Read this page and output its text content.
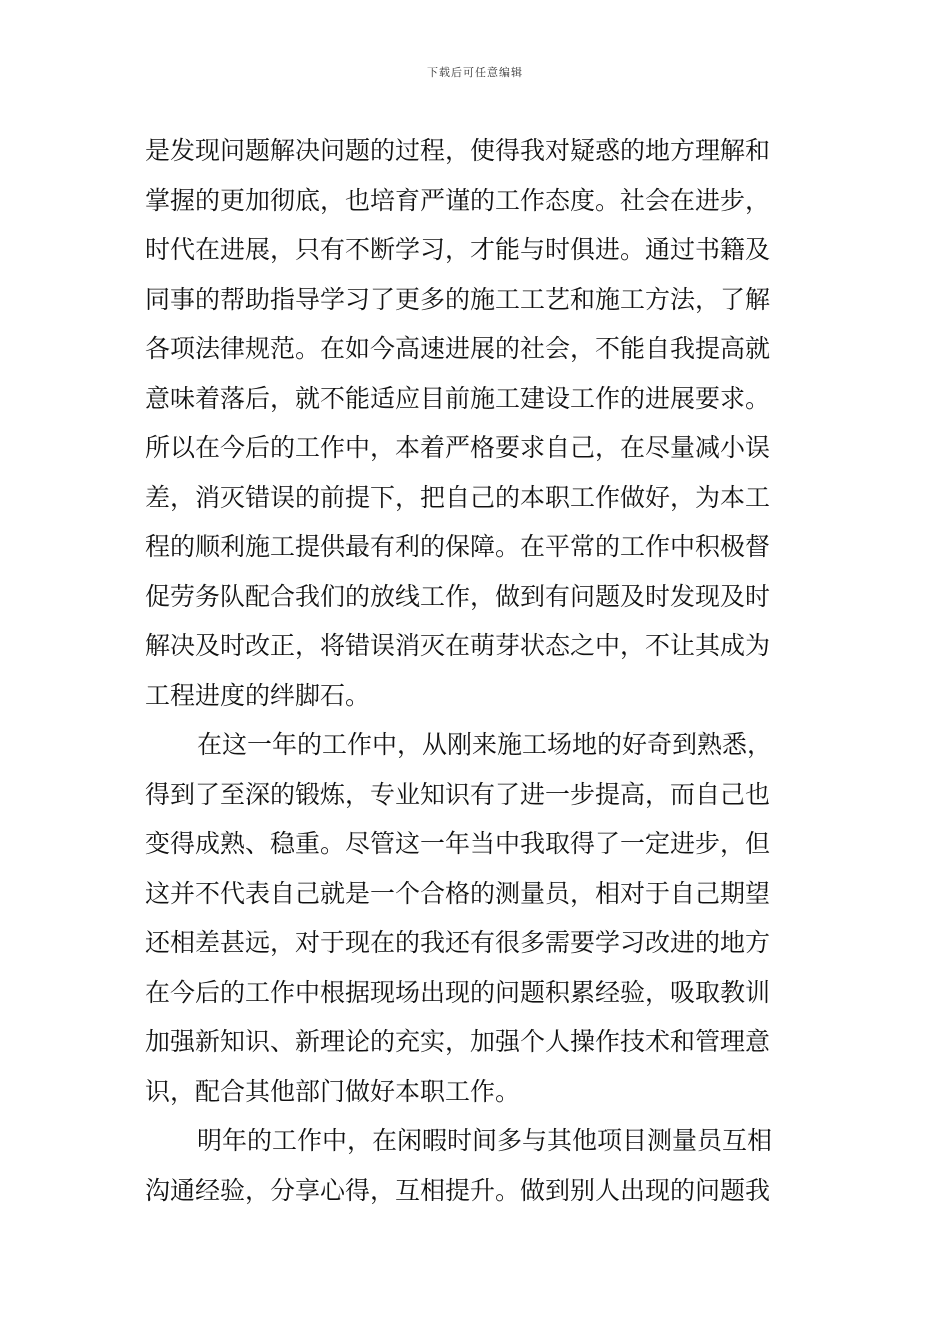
下载后可任意编辑
是发现问题解决问题的过程，使得我对疑惑的地方理解和
掌握的更加彻底，也培育严谨的工作态度。社会在进步，
时代在进展，只有不断学习，才能与时俱进。通过书籍及
同事的帮助指导学习了更多的施工工艺和施工方法，了解
各项法律规范。在如今高速进展的社会，不能自我提高就
意味着落后，就不能适应目前施工建设工作的进展要求。
所以在今后的工作中，本着严格要求自己，在尽量减小误
差，消灭错误的前提下，把自己的本职工作做好，为本工
程的顺利施工提供最有利的保障。在平常的工作中积极督
促劳务队配合我们的放线工作，做到有问题及时发现及时
解决及时改正，将错误消灭在萌芽状态之中，不让其成为
工程进度的绊脚石。
在这一年的工作中，从刚来施工场地的好奇到熟悉，
得到了至深的锻炼，专业知识有了进一步提高，而自己也
变得成熟、稳重。尽管这一年当中我取得了一定进步，但
这并不代表自己就是一个合格的测量员，相对于自己期望
还相差甚远，对于现在的我还有很多需要学习改进的地方
在今后的工作中根据现场出现的问题积累经验，吸取教训
加强新知识、新理论的充实，加强个人操作技术和管理意
识，配合其他部门做好本职工作。
明年的工作中，在闲暇时间多与其他项目测量员互相
沟通经验，分享心得，互相提升。做到别人出现的问题我
